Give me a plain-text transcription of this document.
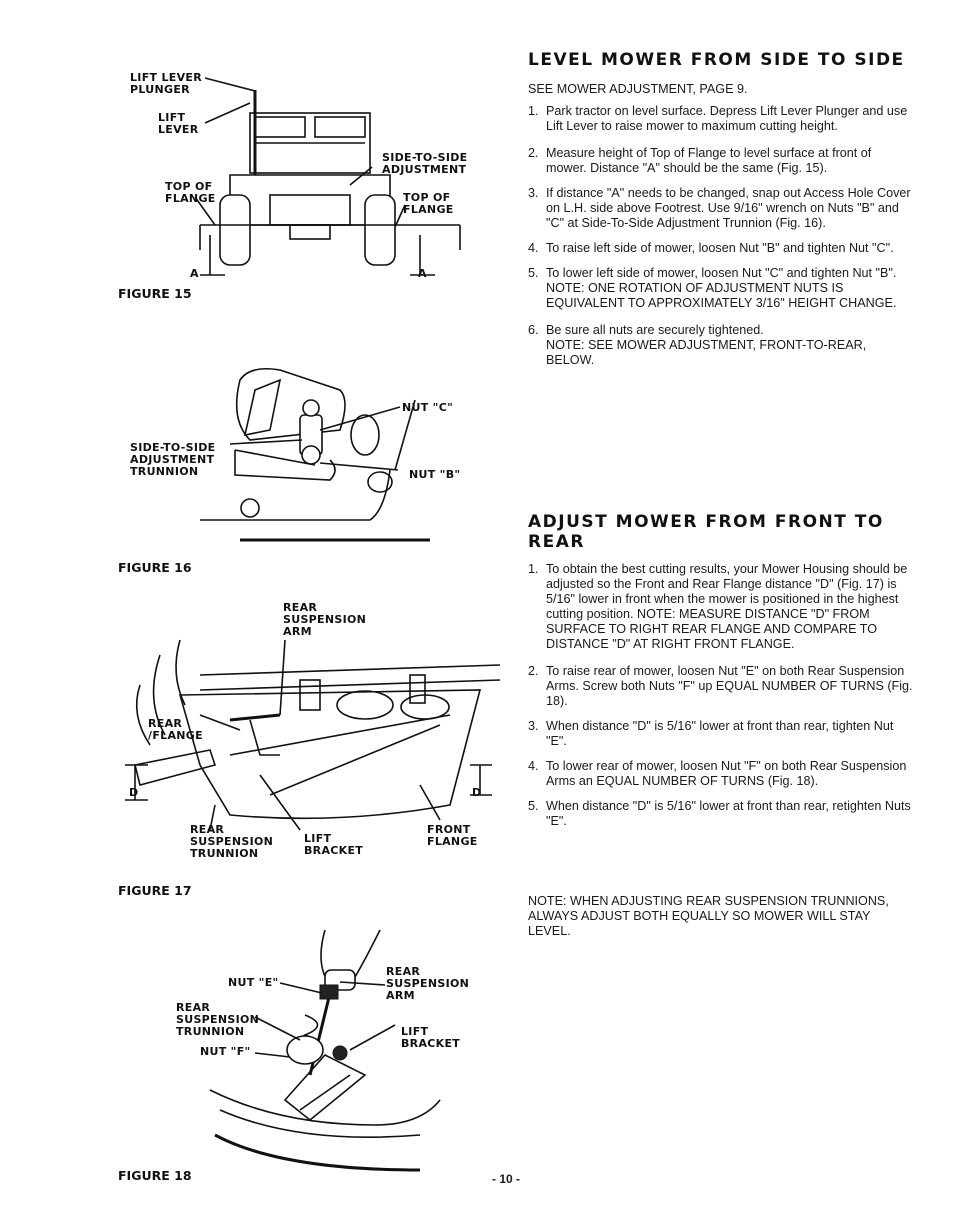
LIFT LEVER
PLUNGER
LIFT
LEVER
SIDE-TO-SIDE
ADJUSTMENT
TOP OF
FLANGE	TOP OF
FLANGE
A	A
FIGURE 15
NUT "C"
NUT "B"
SIDE-TO-SIDE
ADJUSTMENT
TRUNNION
FIGURE 16
REAR
SUSPENSION
ARM
REAR
/FLANGE
D	D
REAR
SUSPENSION
TRUNNION
LIFT
BRACKET
FRONT
FLANGE
FIGURE 17
NUT "E"
REAR
SUSPENSION
ARM
REAR
SUSPENSION
TRUNNION	LIFT
BRACKET
NUT "F"
FIGURE 18
LEVEL MOWER FROM SIDE TO SIDE
SEE MOWER ADJUSTMENT, PAGE 9.
1. Park tractor on level surface. Depress Lift Lever Plunger and use Lift Lever to raise mower to maximum cutting height.
2. Measure height of Top of Flange to level surface at front of mower. Distance "A" should be the same (Fig. 15).
3. If distance "A" needs to be changed, snap out Access Hole Cover on L.H. side above Footrest. Use 9/16" wrench on Nuts "B" and "C" at Side-To-Side Adjustment Trunnion (Fig. 16).
4. To raise left side of mower, loosen Nut "B" and tighten Nut "C".
5. To lower left side of mower, loosen Nut "C" and tighten Nut "B".
NOTE: ONE ROTATION OF ADJUSTMENT NUTS IS EQUIVALENT TO APPROXIMATELY 3/16" HEIGHT CHANGE.
6. Be sure all nuts are securely tightened.
NOTE: SEE MOWER ADJUSTMENT, FRONT-TO-REAR, BELOW.
ADJUST MOWER FROM FRONT TO REAR
1. To obtain the best cutting results, your Mower Housing should be adjusted so the Front and Rear Flange distance "D" (Fig. 17) is 5/16" lower in front when the mower is positioned in the highest cutting position. NOTE: MEASURE DISTANCE "D" FROM SURFACE TO RIGHT REAR FLANGE AND COMPARE TO DISTANCE "D" AT RIGHT FRONT FLANGE.
2. To raise rear of mower, loosen Nut "E" on both Rear Suspension Arms. Screw both Nuts "F" up EQUAL NUMBER OF TURNS (Fig. 18).
3. When distance "D" is 5/16" lower at front than rear, tighten Nut "E".
4. To lower rear of mower, loosen Nut "F" on both Rear Suspension Arms an EQUAL NUMBER OF TURNS (Fig. 18).
5. When distance "D" is 5/16" lower at front than rear, retighten Nuts "E".
NOTE: WHEN ADJUSTING REAR SUSPENSION TRUNNIONS, ALWAYS ADJUST BOTH EQUALLY SO MOWER WILL STAY LEVEL.
- 10 -
